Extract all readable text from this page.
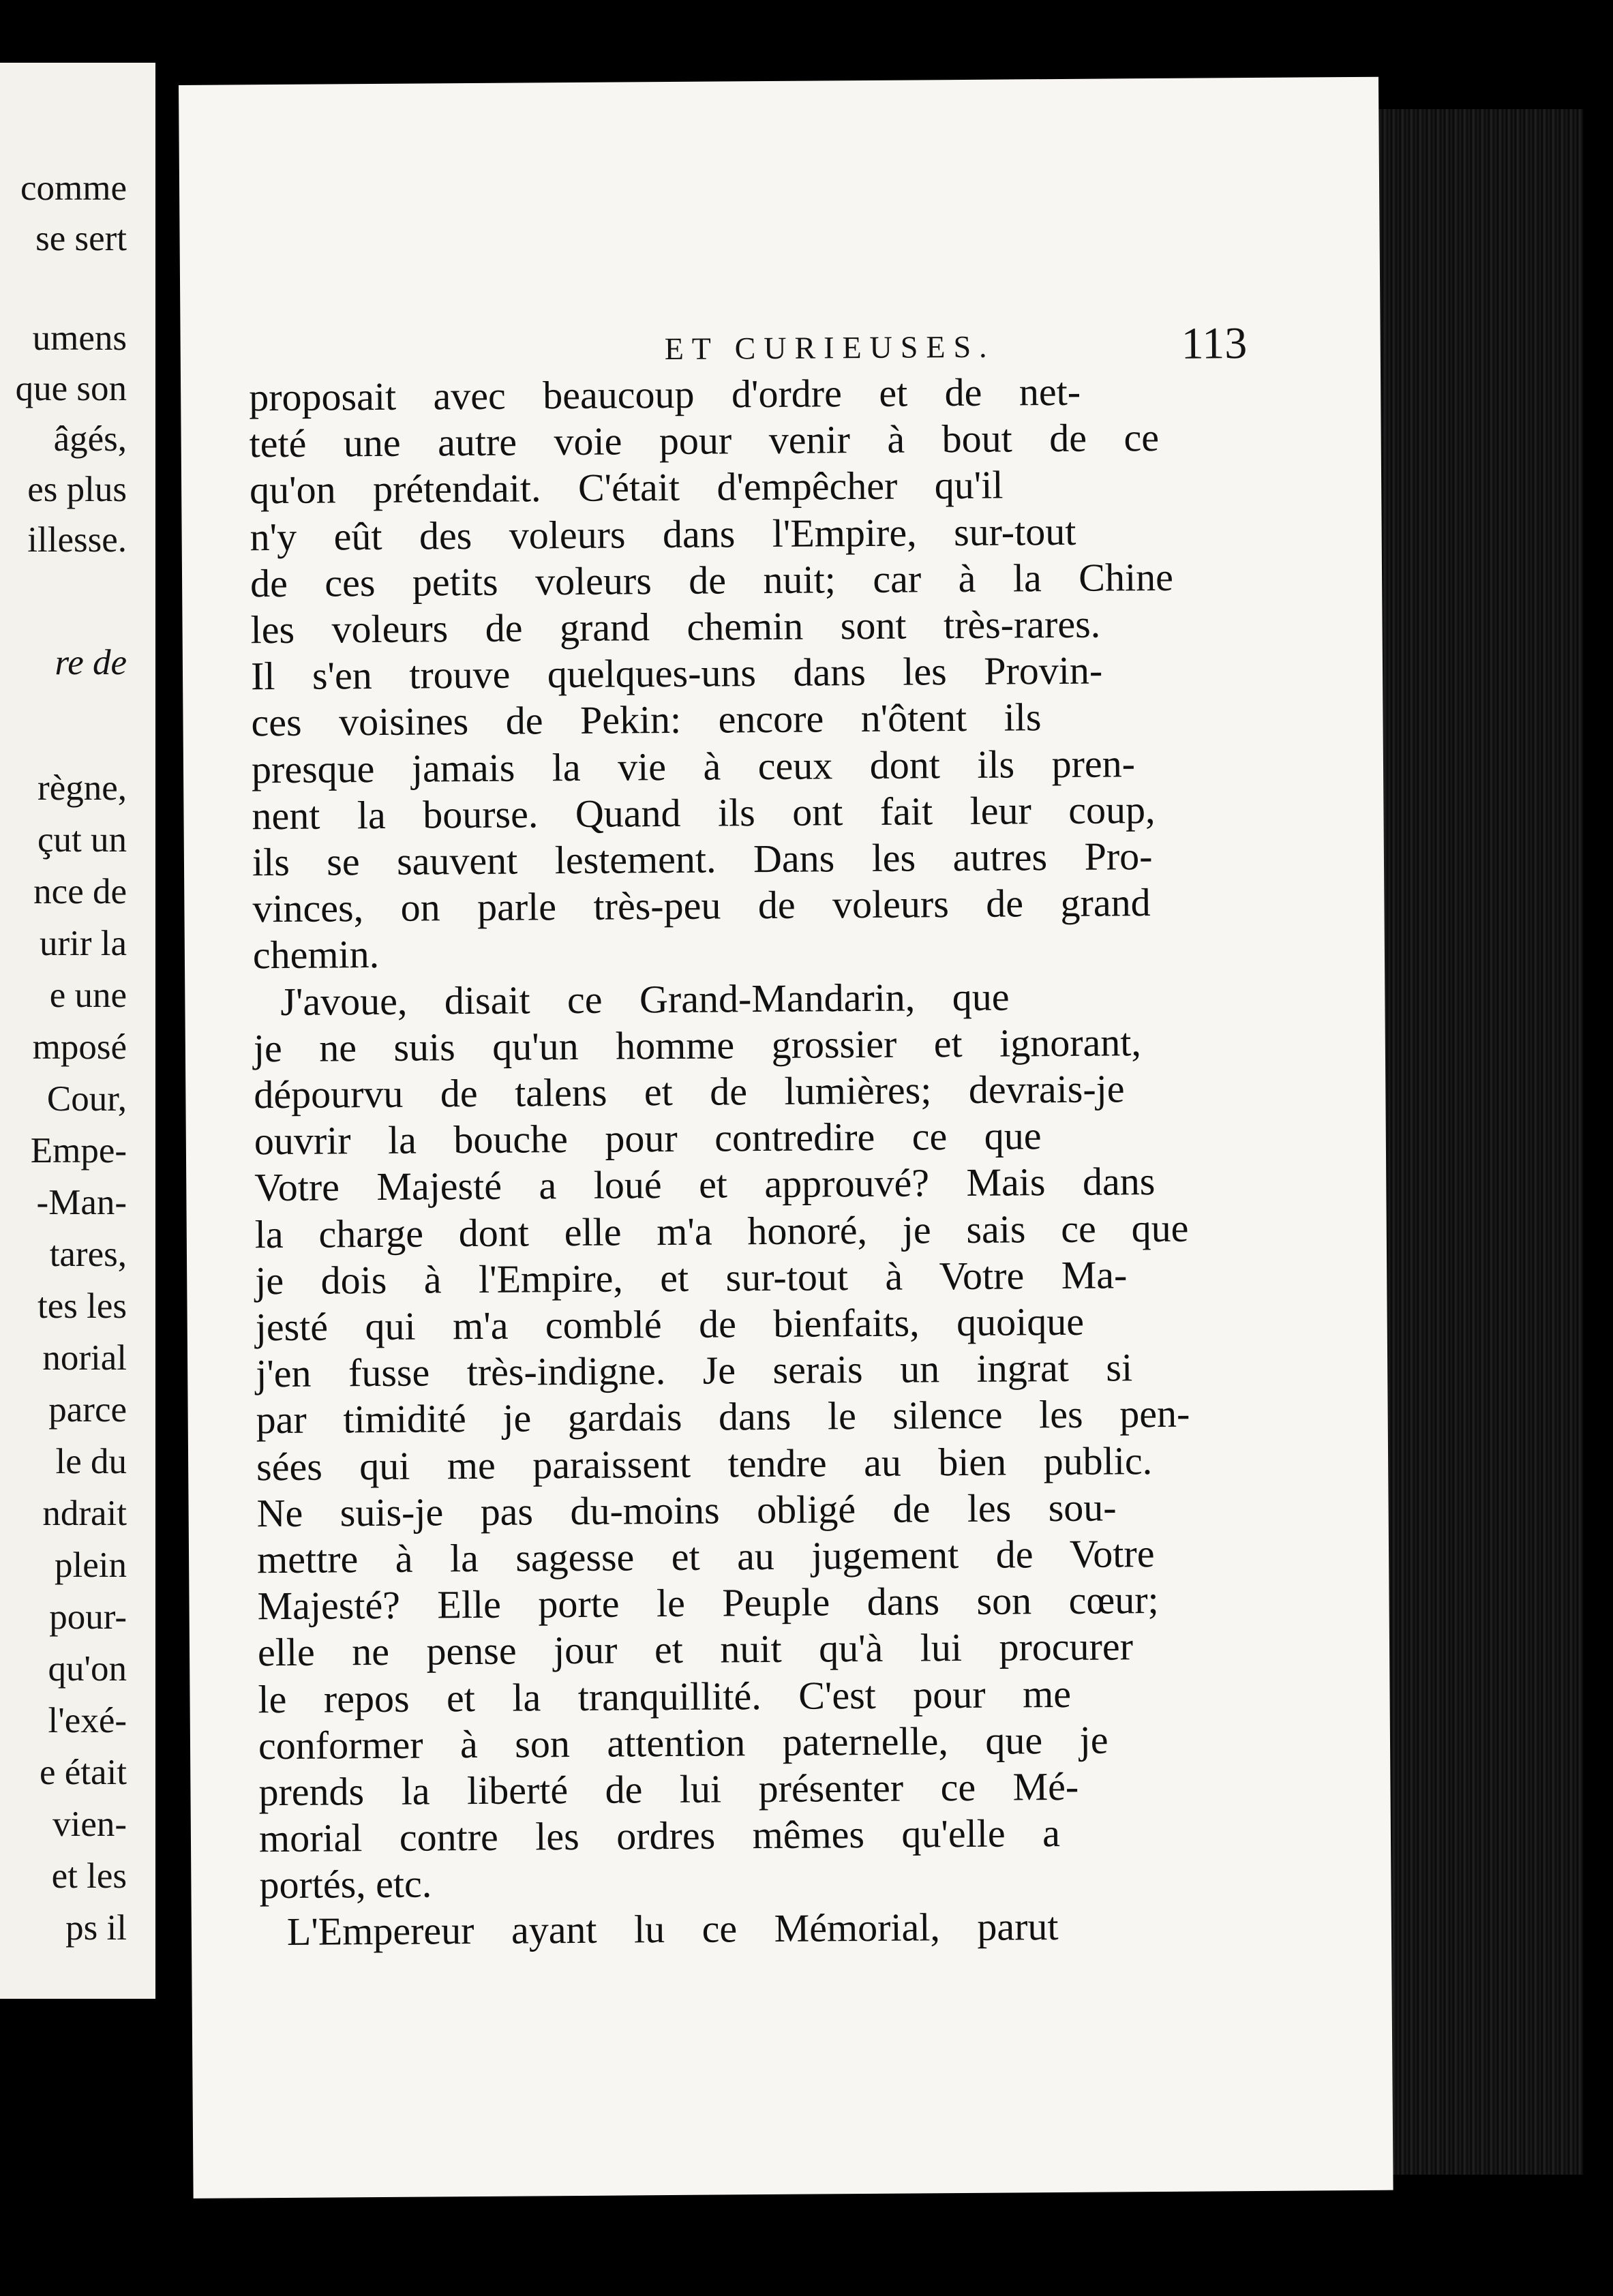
comme
se sert
umens
que son
âgés,
es plus
illesse.
re de
règne,
çut un
nce de
urir la
e une
mposé
Cour,
Empe-
-Man-
tares,
tes les
norial
parce
le du
ndrait
plein
pour-
qu'on
l'exé-
e était
vien-
et les
ps il
ET CURIEUSES.	113
proposait avec beaucoup d'ordre et de net-
teté une autre voie pour venir à bout de ce
qu'on prétendait. C'était d'empêcher qu'il
n'y eût des voleurs dans l'Empire, sur-tout
de ces petits voleurs de nuit; car à la Chine
les voleurs de grand chemin sont très-rares.
Il s'en trouve quelques-uns dans les Provin-
ces voisines de Pekin: encore n'ôtent ils
presque jamais la vie à ceux dont ils pren-
nent la bourse. Quand ils ont fait leur coup,
ils se sauvent lestement. Dans les autres Pro-
vinces, on parle très-peu de voleurs de grand
chemin.
J'avoue, disait ce Grand-Mandarin, que
je ne suis qu'un homme grossier et ignorant,
dépourvu de talens et de lumières; devrais-je
ouvrir la bouche pour contredire ce que
Votre Majesté a loué et approuvé? Mais dans
la charge dont elle m'a honoré, je sais ce que
je dois à l'Empire, et sur-tout à Votre Ma-
jesté qui m'a comblé de bienfaits, quoique
j'en fusse très-indigne. Je serais un ingrat si
par timidité je gardais dans le silence les pen-
sées qui me paraissent tendre au bien public.
Ne suis-je pas du-moins obligé de les sou-
mettre à la sagesse et au jugement de Votre
Majesté? Elle porte le Peuple dans son cœur;
elle ne pense jour et nuit qu'à lui procurer
le repos et la tranquillité. C'est pour me
conformer à son attention paternelle, que je
prends la liberté de lui présenter ce Mé-
morial contre les ordres mêmes qu'elle a
portés, etc.
L'Empereur ayant lu ce Mémorial, parut
